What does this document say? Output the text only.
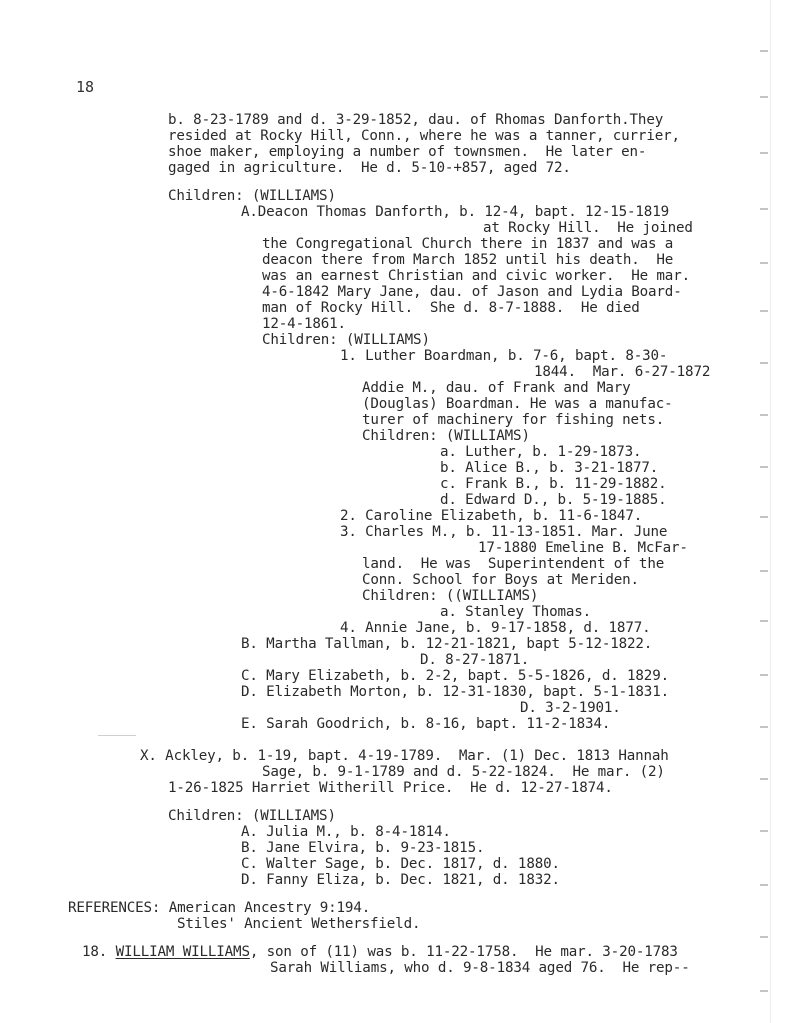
18
b. 8-23-1789 and d. 3-29-1852, dau. of Rhomas Danforth.They
resided at Rocky Hill, Conn., where he was a tanner, currier,
shoe maker, employing a number of townsmen.  He later en-
gaged in agriculture.  He d. 5-10-+857, aged 72.
Children: (WILLIAMS)
A.Deacon Thomas Danforth, b. 12-4, bapt. 12-15-1819
at Rocky Hill.  He joined
the Congregational Church there in 1837 and was a
deacon there from March 1852 until his death.  He
was an earnest Christian and civic worker.  He mar.
4-6-1842 Mary Jane, dau. of Jason and Lydia Board-
man of Rocky Hill.  She d. 8-7-1888.  He died
12-4-1861.
Children: (WILLIAMS)
1. Luther Boardman, b. 7-6, bapt. 8-30-
1844.  Mar. 6-27-1872
Addie M., dau. of Frank and Mary
(Douglas) Boardman. He was a manufac-
turer of machinery for fishing nets.
Children: (WILLIAMS)
a. Luther, b. 1-29-1873.
b. Alice B., b. 3-21-1877.
c. Frank B., b. 11-29-1882.
d. Edward D., b. 5-19-1885.
2. Caroline Elizabeth, b. 11-6-1847.
3. Charles M., b. 11-13-1851. Mar. June
17-1880 Emeline B. McFar-
land.  He was  Superintendent of the
Conn. School for Boys at Meriden.
Children: ((WILLIAMS)
a. Stanley Thomas.
4. Annie Jane, b. 9-17-1858, d. 1877.
B. Martha Tallman, b. 12-21-1821, bapt 5-12-1822.
D. 8-27-1871.
C. Mary Elizabeth, b. 2-2, bapt. 5-5-1826, d. 1829.
D. Elizabeth Morton, b. 12-31-1830, bapt. 5-1-1831.
D. 3-2-1901.
E. Sarah Goodrich, b. 8-16, bapt. 11-2-1834.
X. Ackley, b. 1-19, bapt. 4-19-1789.  Mar. (1) Dec. 1813 Hannah
Sage, b. 9-1-1789 and d. 5-22-1824.  He mar. (2)
1-26-1825 Harriet Witherill Price.  He d. 12-27-1874.
Children: (WILLIAMS)
A. Julia M., b. 8-4-1814.
B. Jane Elvira, b. 9-23-1815.
C. Walter Sage, b. Dec. 1817, d. 1880.
D. Fanny Eliza, b. Dec. 1821, d. 1832.
REFERENCES: American Ancestry 9:194.
Stiles' Ancient Wethersfield.
18. WILLIAM WILLIAMS, son of (11) was b. 11-22-1758.  He mar. 3-20-1783
Sarah Williams, who d. 9-8-1834 aged 76.  He rep--
